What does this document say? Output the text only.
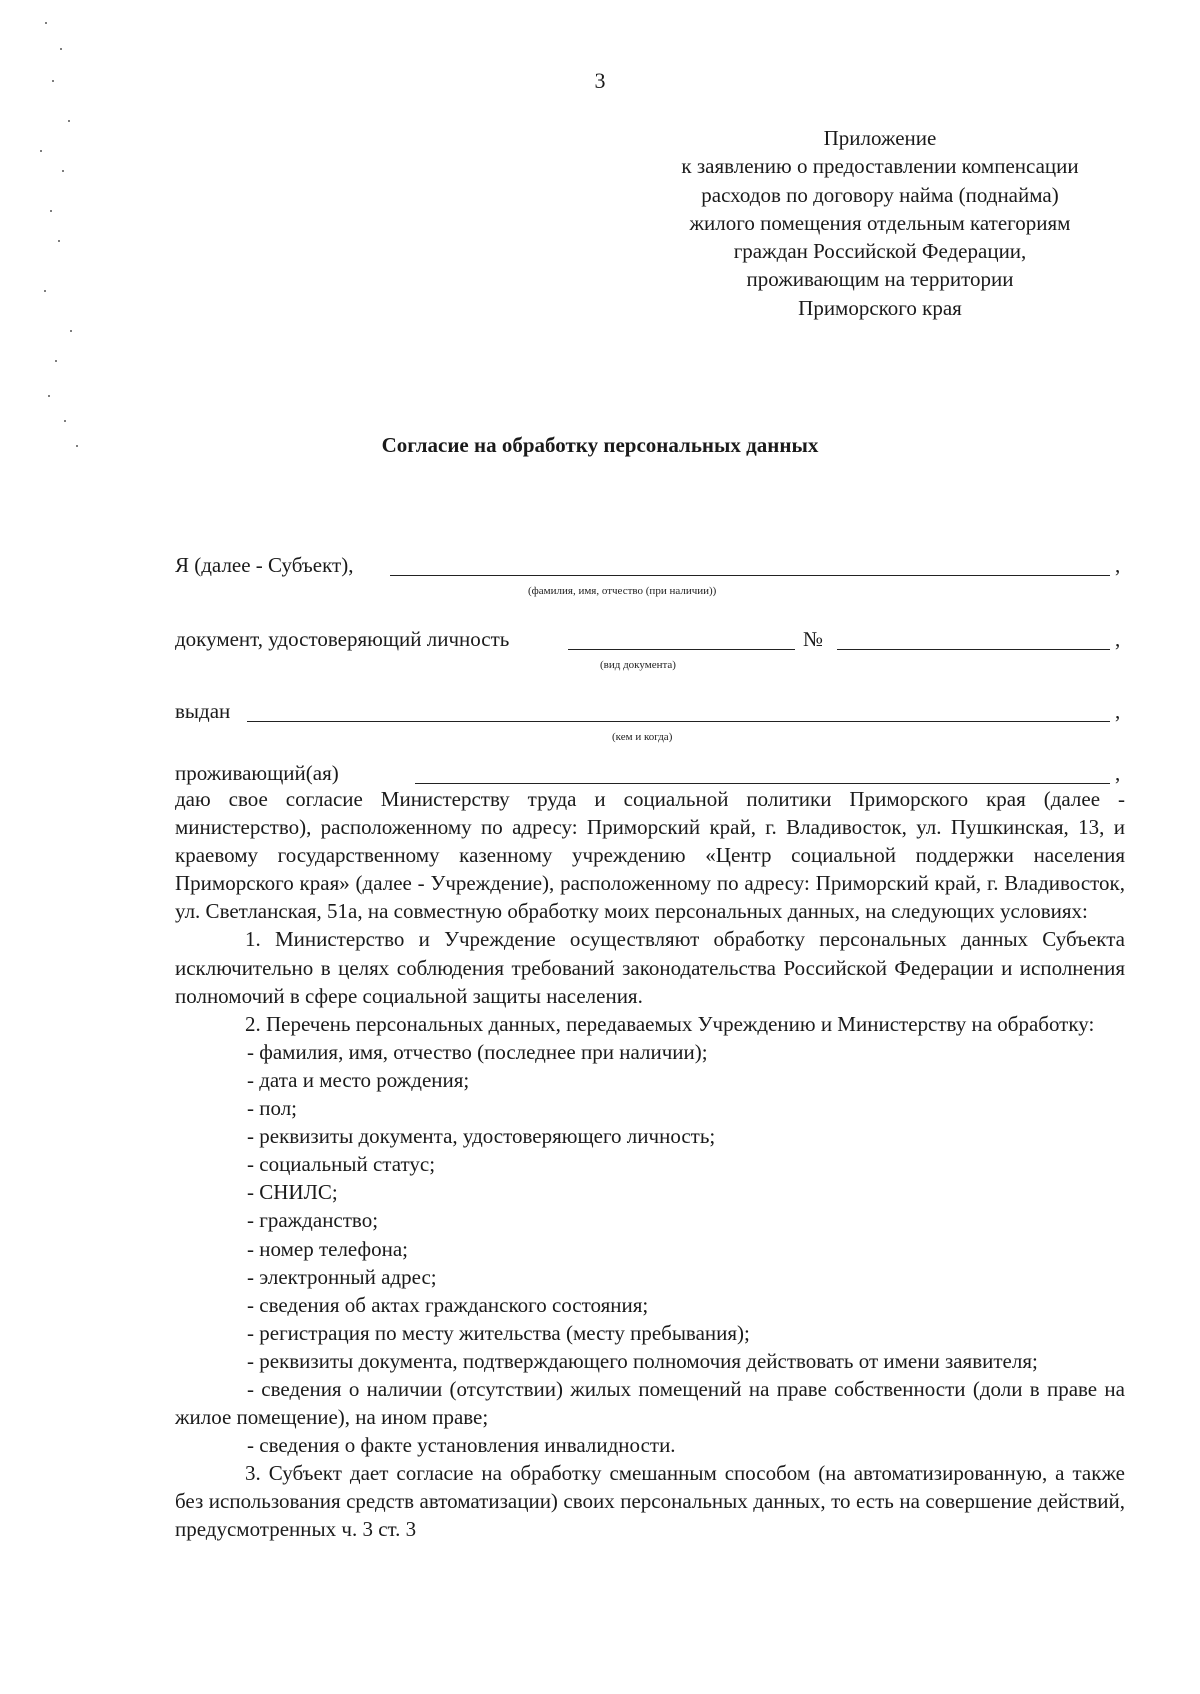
3
Приложение
к заявлению о предоставлении компенсации
расходов по договору найма (поднайма)
жилого помещения отдельным категориям
граждан Российской Федерации,
проживающим на территории
Приморского края
Согласие на обработку персональных данных
Я (далее - Субъект),	,
(фамилия, имя, отчество (при наличии))
документ, удостоверяющий личность	№	,
(вид документа)
выдан	,
(кем и когда)
проживающий(ая)	,

даю свое согласие Министерству труда и социальной политики Приморского края (далее - министерство), расположенному по адресу: Приморский край, г. Владивосток, ул. Пушкинская, 13, и краевому государственному казенному учреждению «Центр социальной поддержки населения Приморского края» (далее - Учреждение), расположенному по адресу: Приморский край, г. Владивосток, ул. Светланская, 51а, на совместную обработку моих персональных данных, на следующих условиях:

1. Министерство и Учреждение осуществляют обработку персональных данных Субъекта исключительно в целях соблюдения требований законодательства Российской Федерации и исполнения полномочий в сфере социальной защиты населения.

2. Перечень персональных данных, передаваемых Учреждению и Министерству на обработку:

- фамилия, имя, отчество (последнее при наличии);

- дата и место рождения;

- пол;

- реквизиты документа, удостоверяющего личность;

- социальный статус;

- СНИЛС;

- гражданство;

- номер телефона;

- электронный адрес;

- сведения об актах гражданского состояния;

- регистрация по месту жительства (месту пребывания);

- реквизиты документа, подтверждающего полномочия действовать от имени заявителя;

- сведения о наличии (отсутствии) жилых помещений на праве собственности (доли в праве на жилое помещение), на ином праве;

- сведения о факте установления инвалидности.

3. Субъект дает согласие на обработку смешанным способом (на автоматизированную, а также без использования средств автоматизации) своих персональных данных, то есть на совершение действий, предусмотренных ч. 3 ст. 3
